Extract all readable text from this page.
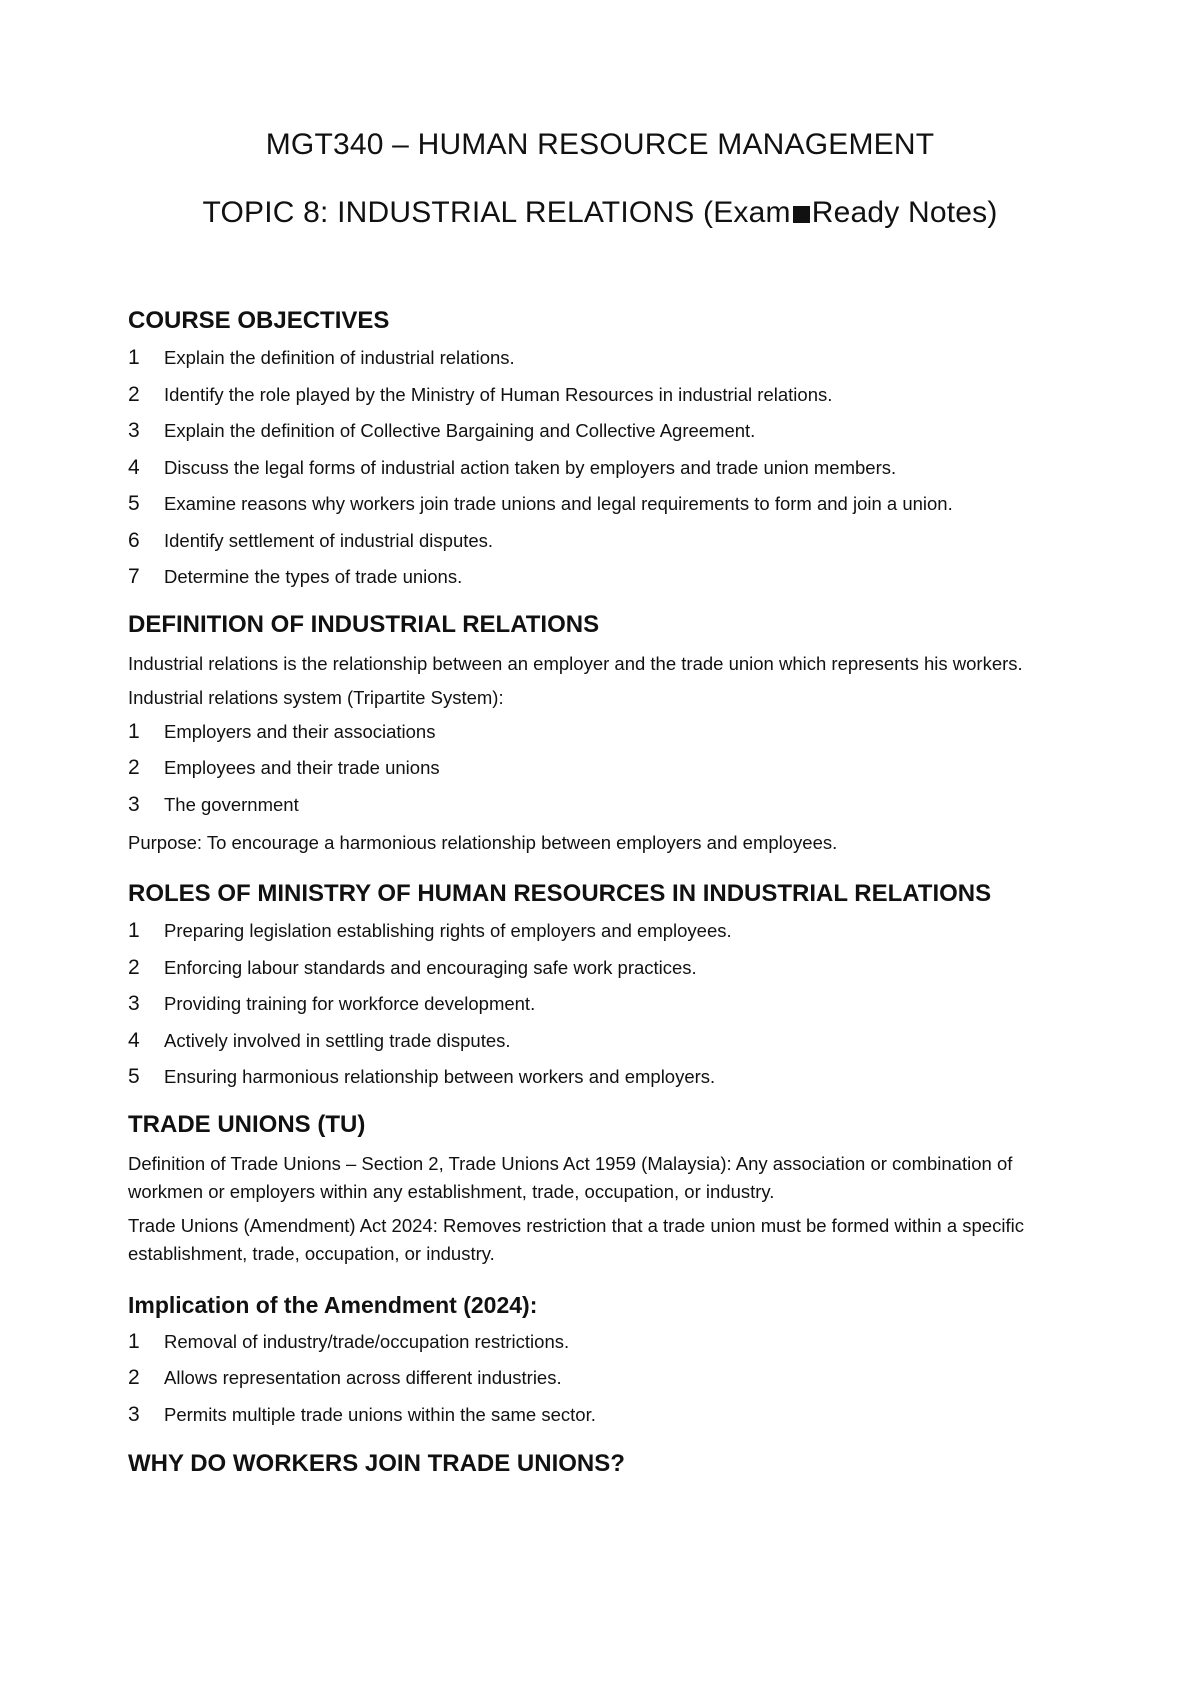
MGT340 – HUMAN RESOURCE MANAGEMENT
TOPIC 8: INDUSTRIAL RELATIONS (Exam Ready Notes)
COURSE OBJECTIVES
1	Explain the definition of industrial relations.
2	Identify the role played by the Ministry of Human Resources in industrial relations.
3	Explain the definition of Collective Bargaining and Collective Agreement.
4	Discuss the legal forms of industrial action taken by employers and trade union members.
5	Examine reasons why workers join trade unions and legal requirements to form and join a union.
6	Identify settlement of industrial disputes.
7	Determine the types of trade unions.
DEFINITION OF INDUSTRIAL RELATIONS

Industrial relations is the relationship between an employer and the trade union which represents his workers.

Industrial relations system (Tripartite System):

1	Employers and their associations
2	Employees and their trade unions
3	The government

Purpose: To encourage a harmonious relationship between employers and employees.

ROLES OF MINISTRY OF HUMAN RESOURCES IN INDUSTRIAL RELATIONS
1	Preparing legislation establishing rights of employers and employees.
2	Enforcing labour standards and encouraging safe work practices.
3	Providing training for workforce development.
4	Actively involved in settling trade disputes.
5	Ensuring harmonious relationship between workers and employers.
TRADE UNIONS (TU)

Definition of Trade Unions – Section 2, Trade Unions Act 1959 (Malaysia): Any association or combination of workmen or employers within any establishment, trade, occupation, or industry.

Trade Unions (Amendment) Act 2024: Removes restriction that a trade union must be formed within a specific establishment, trade, occupation, or industry.

Implication of the Amendment (2024):
1	Removal of industry/trade/occupation restrictions.
2	Allows representation across different industries.
3	Permits multiple trade unions within the same sector.
WHY DO WORKERS JOIN TRADE UNIONS?
